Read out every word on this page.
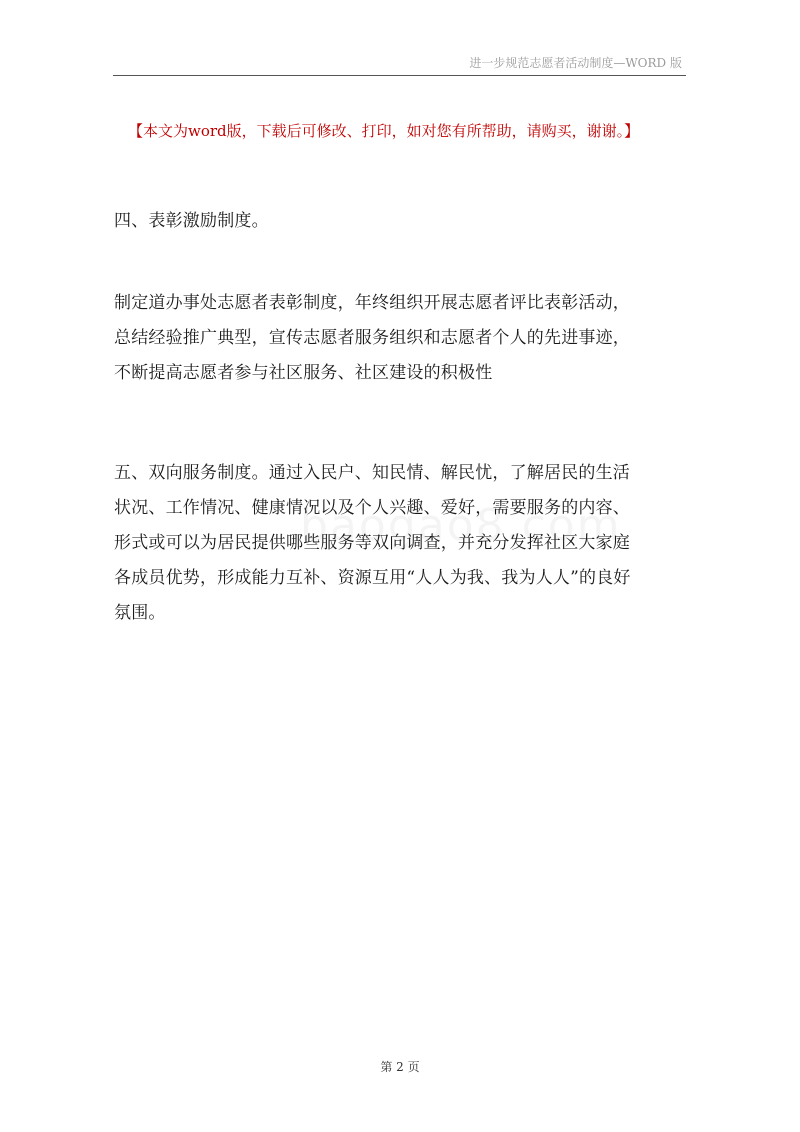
进一步规范志愿者活动制度—WORD 版
【本文为word版，下载后可修改、打印，如对您有所帮助，请购买，谢谢。】
四、表彰激励制度。
制定道办事处志愿者表彰制度，年终组织开展志愿者评比表彰活动，
总结经验推广典型，宣传志愿者服务组织和志愿者个人的先进事迹，
不断提高志愿者参与社区服务、社区建设的积极性
五、双向服务制度。通过入民户、知民情、解民忧，了解居民的生活
状况、工作情况、健康情况以及个人兴趣、爱好，需要服务的内容、
形式或可以为居民提供哪些服务等双向调查，并充分发挥社区大家庭
各成员优势，形成能力互补、资源互用“人人为我、我为人人”的良好
氛围。
第 2 页
